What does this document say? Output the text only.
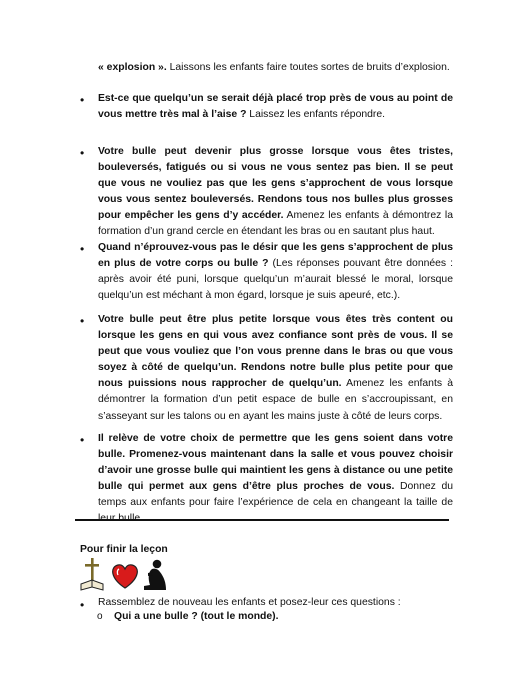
« explosion ». Laissons les enfants faire toutes sortes de bruits d’explosion.
• Est-ce que quelqu’un se serait déjà placé trop près de vous au point de vous mettre très mal à l’aise ? Laissez les enfants répondre.
• Votre bulle peut devenir plus grosse lorsque vous êtes tristes, bouleversés, fatigués ou si vous ne vous sentez pas bien. Il se peut que vous ne vouliez pas que les gens s’approchent de vous lorsque vous vous sentez bouleversés. Rendons tous nos bulles plus grosses pour empêcher les gens d’y accéder. Amenez les enfants à démontrez la formation d’un grand cercle en étendant les bras ou en sautant plus haut.
• Quand n’éprouvez-vous pas le désir que les gens s’approchent de plus en plus de votre corps ou bulle ? (Les réponses pouvant être données : après avoir été puni, lorsque quelqu’un m’aurait blessé le moral, lorsque quelqu’un est méchant à mon égard, lorsque je suis apeuré, etc.).
• Votre bulle peut être plus petite lorsque vous êtes très content ou lorsque les gens en qui vous avez confiance sont près de vous. Il se peut que vous vouliez que l’on vous prenne dans le bras ou que vous soyez à côté de quelqu’un. Rendons notre bulle plus petite pour que nous puissions nous rapprocher de quelqu’un. Amenez les enfants à démontrer la formation d’un petit espace de bulle en s’accroupissant, en s’asseyant sur les talons ou en ayant les mains juste à côté de leurs corps.
• Il relève de votre choix de permettre que les gens soient dans votre bulle. Promenez-vous maintenant dans la salle et vous pouvez choisir d’avoir une grosse bulle qui maintient les gens à distance ou une petite bulle qui permet aux gens d’être plus proches de vous. Donnez du temps aux enfants pour faire l’expérience de cela en changeant la taille de
Pour finir la leçon
• Rassemblez de nouveau les enfants et posez-leur ces questions :
o Qui a une bulle ? (tout le monde).
